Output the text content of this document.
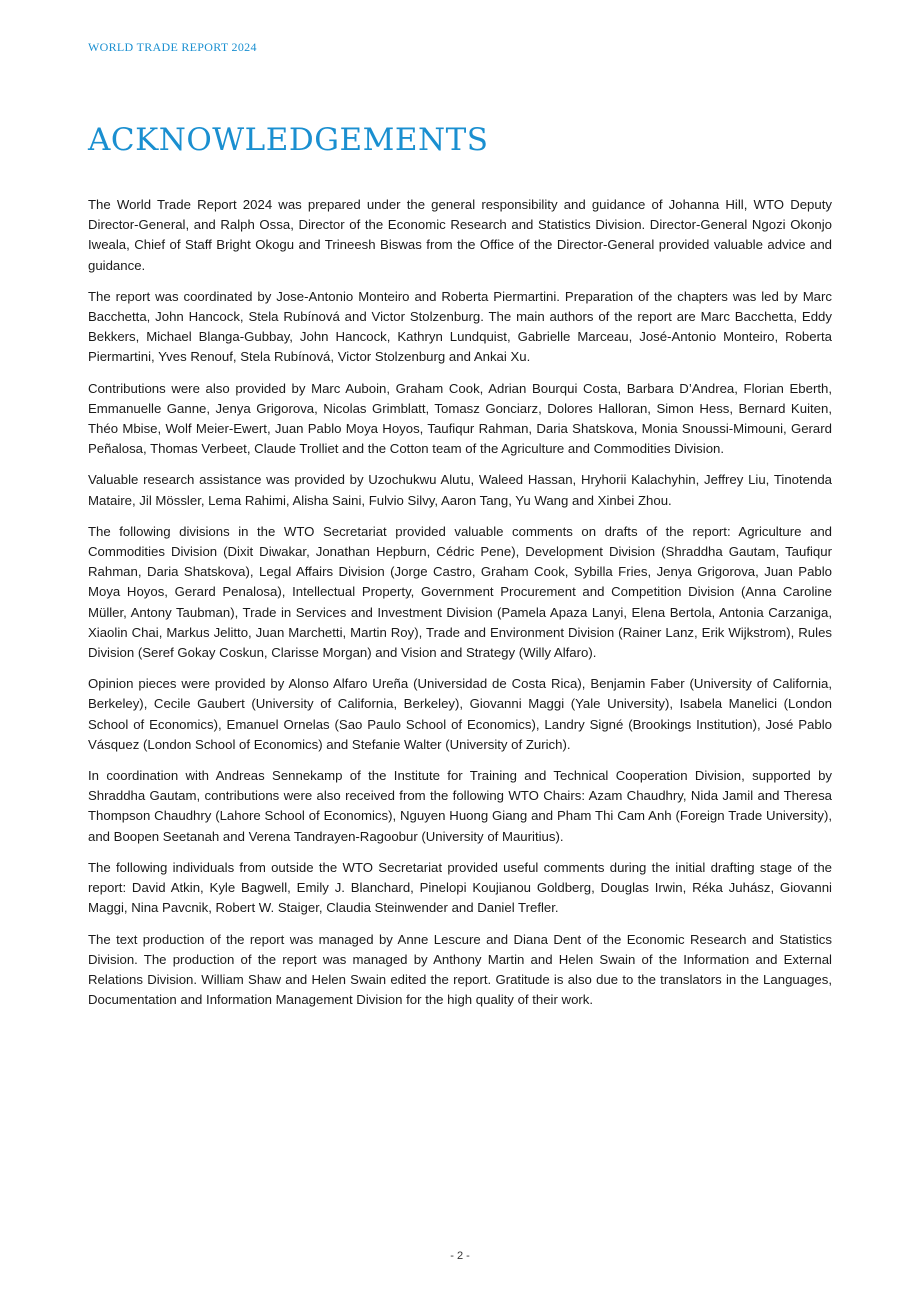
WORLD TRADE REPORT 2024
ACKNOWLEDGEMENTS

The World Trade Report 2024 was prepared under the general responsibility and guidance of Johanna Hill, WTO Deputy Director-General, and Ralph Ossa, Director of the Economic Research and Statistics Division. Director-General Ngozi Okonjo Iweala, Chief of Staff Bright Okogu and Trineesh Biswas from the Office of the Director-General provided valuable advice and guidance.

The report was coordinated by Jose-Antonio Monteiro and Roberta Piermartini. Preparation of the chapters was led by Marc Bacchetta, John Hancock, Stela Rubínová and Victor Stolzenburg. The main authors of the report are Marc Bacchetta, Eddy Bekkers, Michael Blanga-Gubbay, John Hancock, Kathryn Lundquist, Gabrielle Marceau, José-Antonio Monteiro, Roberta Piermartini, Yves Renouf, Stela Rubínová, Victor Stolzenburg and Ankai Xu.

Contributions were also provided by Marc Auboin, Graham Cook, Adrian Bourqui Costa, Barbara D’Andrea, Florian Eberth, Emmanuelle Ganne, Jenya Grigorova, Nicolas Grimblatt, Tomasz Gonciarz, Dolores Halloran, Simon Hess, Bernard Kuiten, Théo Mbise, Wolf Meier-Ewert, Juan Pablo Moya Hoyos, Taufiqur Rahman, Daria Shatskova, Monia Snoussi-Mimouni, Gerard Peñalosa, Thomas Verbeet, Claude Trolliet and the Cotton team of the Agriculture and Commodities Division.

Valuable research assistance was provided by Uzochukwu Alutu, Waleed Hassan, Hryhorii Kalachyhin, Jeffrey Liu, Tinotenda Mataire, Jil Mössler, Lema Rahimi, Alisha Saini, Fulvio Silvy, Aaron Tang, Yu Wang and Xinbei Zhou.

The following divisions in the WTO Secretariat provided valuable comments on drafts of the report: Agriculture and Commodities Division (Dixit Diwakar, Jonathan Hepburn, Cédric Pene), Development Division (Shraddha Gautam, Taufiqur Rahman, Daria Shatskova), Legal Affairs Division (Jorge Castro, Graham Cook, Sybilla Fries, Jenya Grigorova, Juan Pablo Moya Hoyos, Gerard Penalosa), Intellectual Property, Government Procurement and Competition Division (Anna Caroline Müller, Antony Taubman), Trade in Services and Investment Division (Pamela Apaza Lanyi, Elena Bertola, Antonia Carzaniga, Xiaolin Chai, Markus Jelitto, Juan Marchetti, Martin Roy), Trade and Environment Division (Rainer Lanz, Erik Wijkstrom), Rules Division (Seref Gokay Coskun, Clarisse Morgan) and Vision and Strategy (Willy Alfaro).

Opinion pieces were provided by Alonso Alfaro Ureña (Universidad de Costa Rica), Benjamin Faber (University of California, Berkeley), Cecile Gaubert (University of California, Berkeley), Giovanni Maggi (Yale University), Isabela Manelici (London School of Economics), Emanuel Ornelas (Sao Paulo School of Economics), Landry Signé (Brookings Institution), José Pablo Vásquez (London School of Economics) and Stefanie Walter (University of Zurich).

In coordination with Andreas Sennekamp of the Institute for Training and Technical Cooperation Division, supported by Shraddha Gautam, contributions were also received from the following WTO Chairs: Azam Chaudhry, Nida Jamil and Theresa Thompson Chaudhry (Lahore School of Economics), Nguyen Huong Giang and Pham Thi Cam Anh (Foreign Trade University), and Boopen Seetanah and Verena Tandrayen-Ragoobur (University of Mauritius).

The following individuals from outside the WTO Secretariat provided useful comments during the initial drafting stage of the report: David Atkin, Kyle Bagwell, Emily J. Blanchard, Pinelopi Koujianou Goldberg, Douglas Irwin, Réka Juhász, Giovanni Maggi, Nina Pavcnik, Robert W. Staiger, Claudia Steinwender and Daniel Trefler.

The text production of the report was managed by Anne Lescure and Diana Dent of the Economic Research and Statistics Division. The production of the report was managed by Anthony Martin and Helen Swain of the Information and External Relations Division. William Shaw and Helen Swain edited the report. Gratitude is also due to the translators in the Languages, Documentation and Information Management Division for the high quality of their work.

- 2 -
